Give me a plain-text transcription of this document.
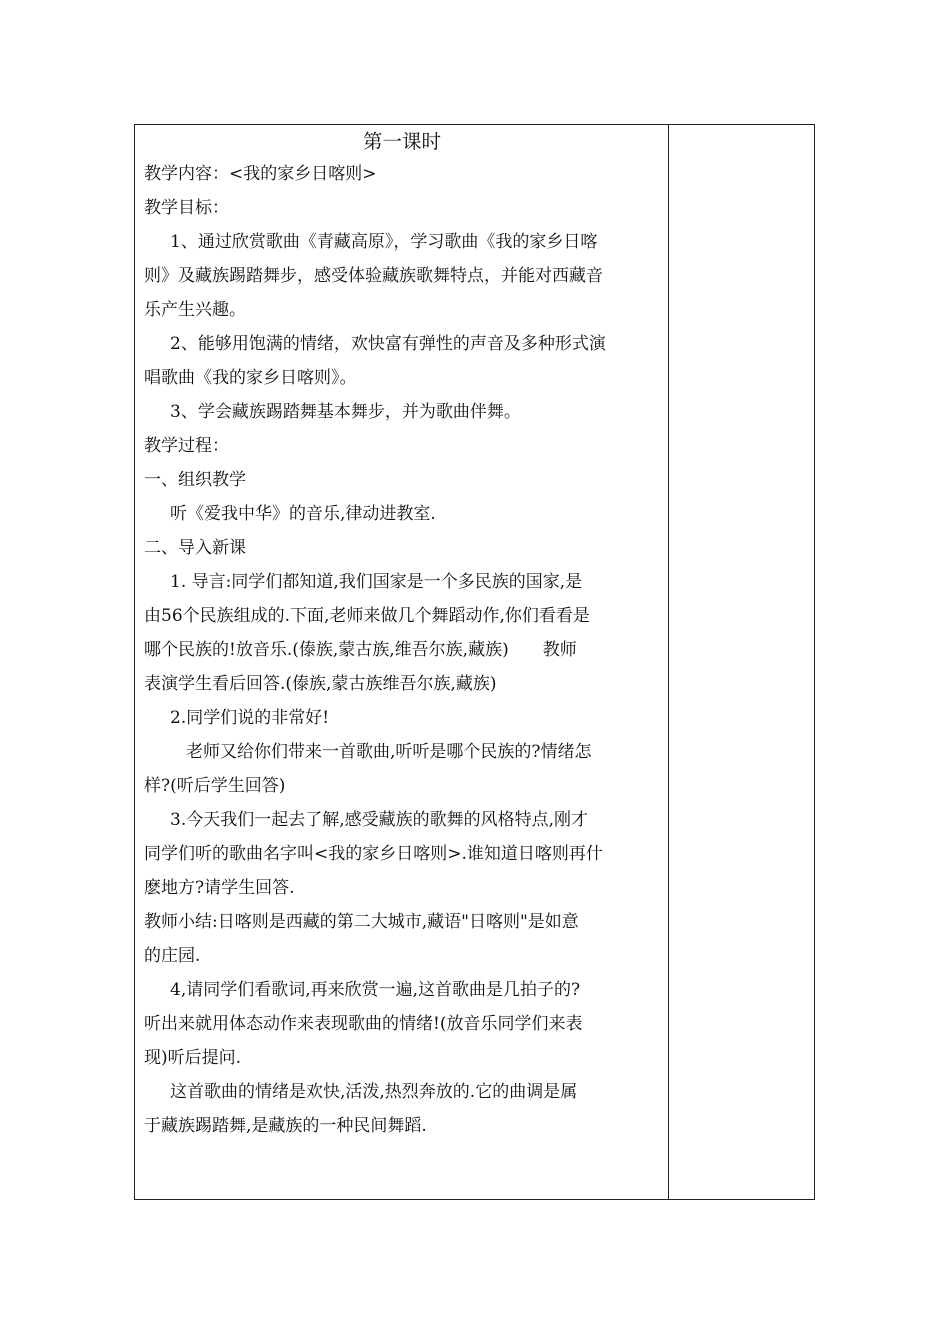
第一课时
教学内容：<我的家乡日喀则>
教学目标：
1、通过欣赏歌曲《青藏高原》，学习歌曲《我的家乡日喀
则》及藏族踢踏舞步，感受体验藏族歌舞特点，并能对西藏音
乐产生兴趣。
2、能够用饱满的情绪，欢快富有弹性的声音及多种形式演
唱歌曲《我的家乡日喀则》。
3、学会藏族踢踏舞基本舞步，并为歌曲伴舞。
教学过程：
一、组织教学
听《爱我中华》的音乐,律动进教室.
二、导入新课
1. 导言:同学们都知道,我们国家是一个多民族的国家,是
由56个民族组成的.下面,老师来做几个舞蹈动作,你们看看是
哪个民族的!放音乐.(傣族,蒙古族,维吾尔族,藏族)　　教师
表演学生看后回答.(傣族,蒙古族维吾尔族,藏族)
2.同学们说的非常好!
老师又给你们带来一首歌曲,听听是哪个民族的?情绪怎
样?(听后学生回答)
3.今天我们一起去了解,感受藏族的歌舞的风格特点,刚才
同学们听的歌曲名字叫<我的家乡日喀则>.谁知道日喀则再什
麽地方?请学生回答.
教师小结:日喀则是西藏的第二大城市,藏语"日喀则"是如意
的庄园.
4,请同学们看歌词,再来欣赏一遍,这首歌曲是几拍子的?
听出来就用体态动作来表现歌曲的情绪!(放音乐同学们来表
现)听后提问.
这首歌曲的情绪是欢快,活泼,热烈奔放的.它的曲调是属
于藏族踢踏舞,是藏族的一种民间舞蹈.
